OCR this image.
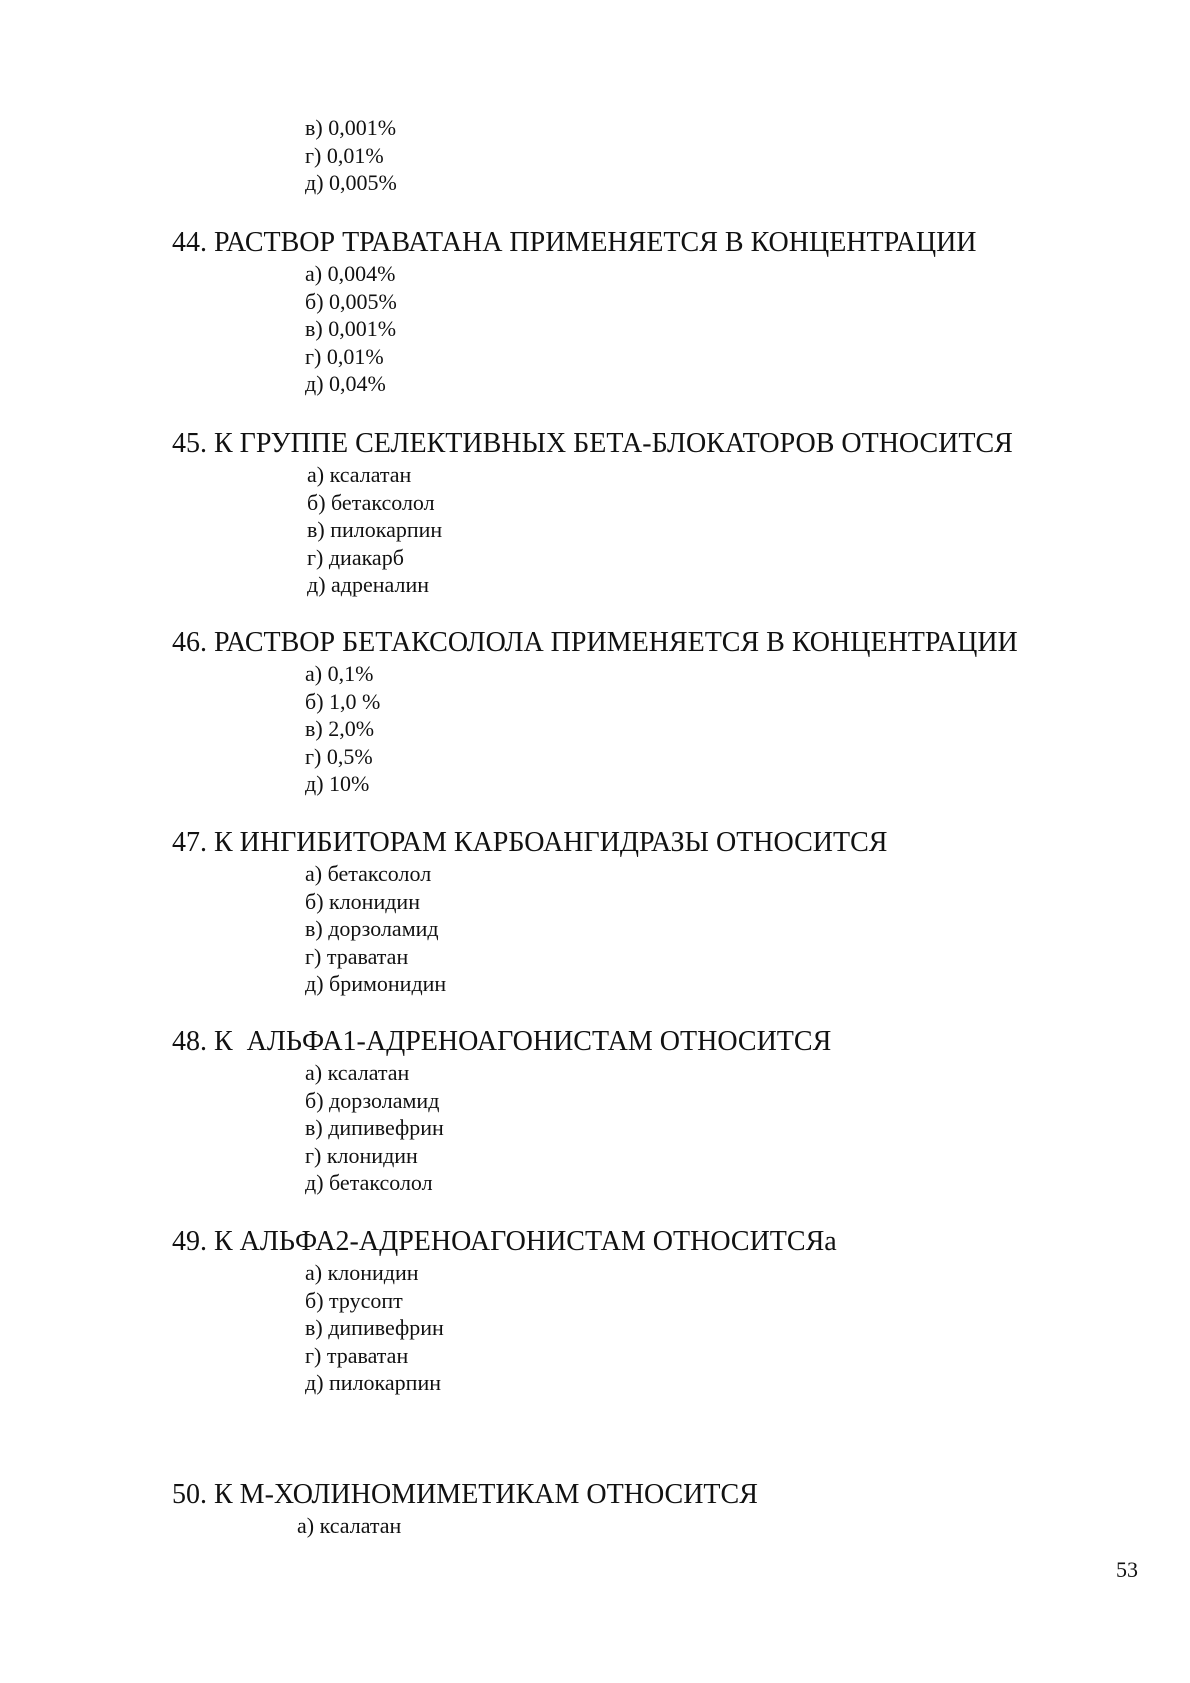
в) 0,001%
г) 0,01%
д) 0,005%

44. РАСТВОР ТРАВАТАНА ПРИМЕНЯЕТСЯ В КОНЦЕНТРАЦИИ

а) 0,004%
б) 0,005%
в) 0,001%
г) 0,01%
д) 0,04%

45. К ГРУППЕ СЕЛЕКТИВНЫХ БЕТА-БЛОКАТОРОВ ОТНОСИТСЯ

а) ксалатан
б) бетаксолол
в) пилокарпин
г) диакарб
д) адреналин

46. РАСТВОР БЕТАКСОЛОЛА ПРИМЕНЯЕТСЯ В КОНЦЕНТРАЦИИ

а) 0,1%
б) 1,0 %
в) 2,0%
г) 0,5%
д) 10%

47. К ИНГИБИТОРАМ КАРБОАНГИДРАЗЫ ОТНОСИТСЯ

а) бетаксолол
б) клонидин
в) дорзоламид
г) траватан
д) бримонидин

48. К  АЛЬФА1-АДРЕНОАГОНИСТАМ ОТНОСИТСЯ

а) ксалатан
б) дорзоламид
в) дипивефрин
г) клонидин
д) бетаксолол

49. К АЛЬФА2-АДРЕНОАГОНИСТАМ ОТНОСИТСЯa

а) клонидин
б) трусопт
в) дипивефрин
г) траватан
д) пилокарпин

50. К М-ХОЛИНОМИМЕТИКАМ ОТНОСИТСЯ

а) ксалатан
53
